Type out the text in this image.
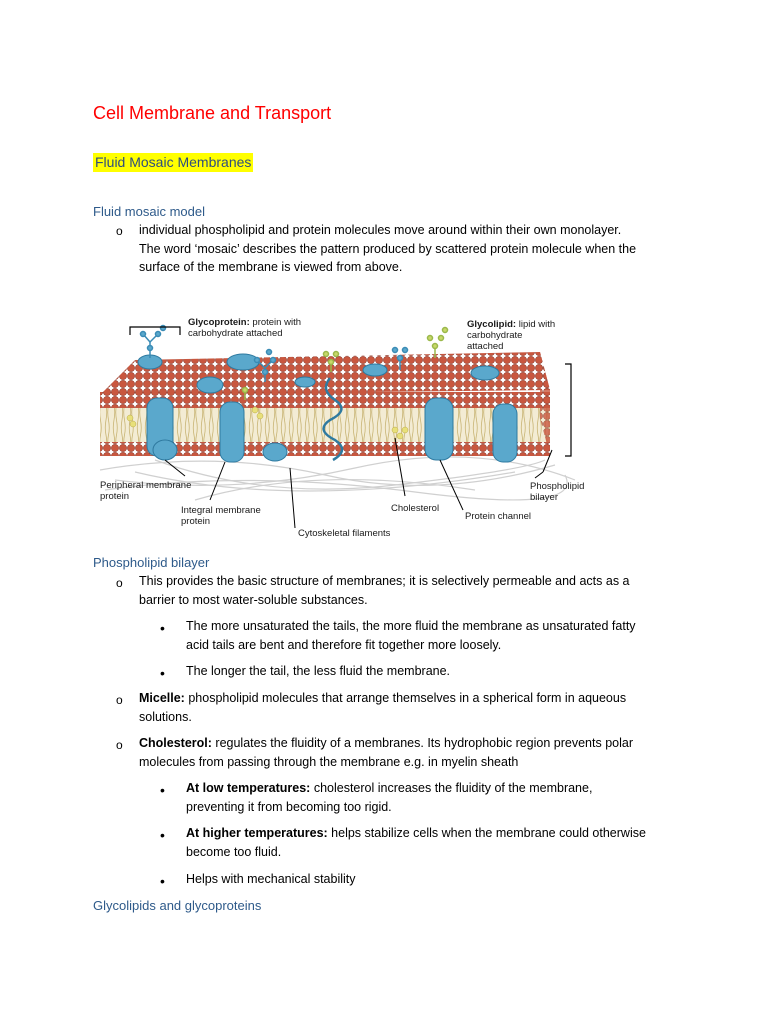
Cell Membrane and Transport
Fluid Mosaic Membranes
Fluid mosaic model
o individual phospholipid and protein molecules move around within their own monolayer.
The word ‘mosaic’ describes the pattern produced by scattered protein molecule when the
surface of the membrane is viewed from above.
Glycoprotein: protein with
carbohydrate attached
Glycolipid: lipid with
carbohydrate
attached
Peripheral membrane
protein
Integral membrane
protein
Cholesterol
Protein channel
Phospholipid
bilayer
Cytoskeletal filaments
Phospholipid bilayer
o This provides the basic structure of membranes; it is selectively permeable and acts as a
barrier to most water-soluble substances.
• The more unsaturated the tails, the more fluid the membrane as unsaturated fatty
acid tails are bent and therefore fit together more loosely.
• The longer the tail, the less fluid the membrane.
o Micelle: phospholipid molecules that arrange themselves in a spherical form in aqueous
solutions.
o Cholesterol: regulates the fluidity of a membranes. Its hydrophobic region prevents polar
molecules from passing through the membrane e.g. in myelin sheath
• At low temperatures: cholesterol increases the fluidity of the membrane,
preventing it from becoming too rigid.
• At higher temperatures: helps stabilize cells when the membrane could otherwise
become too fluid.
• Helps with mechanical stability
Glycolipids and glycoproteins
